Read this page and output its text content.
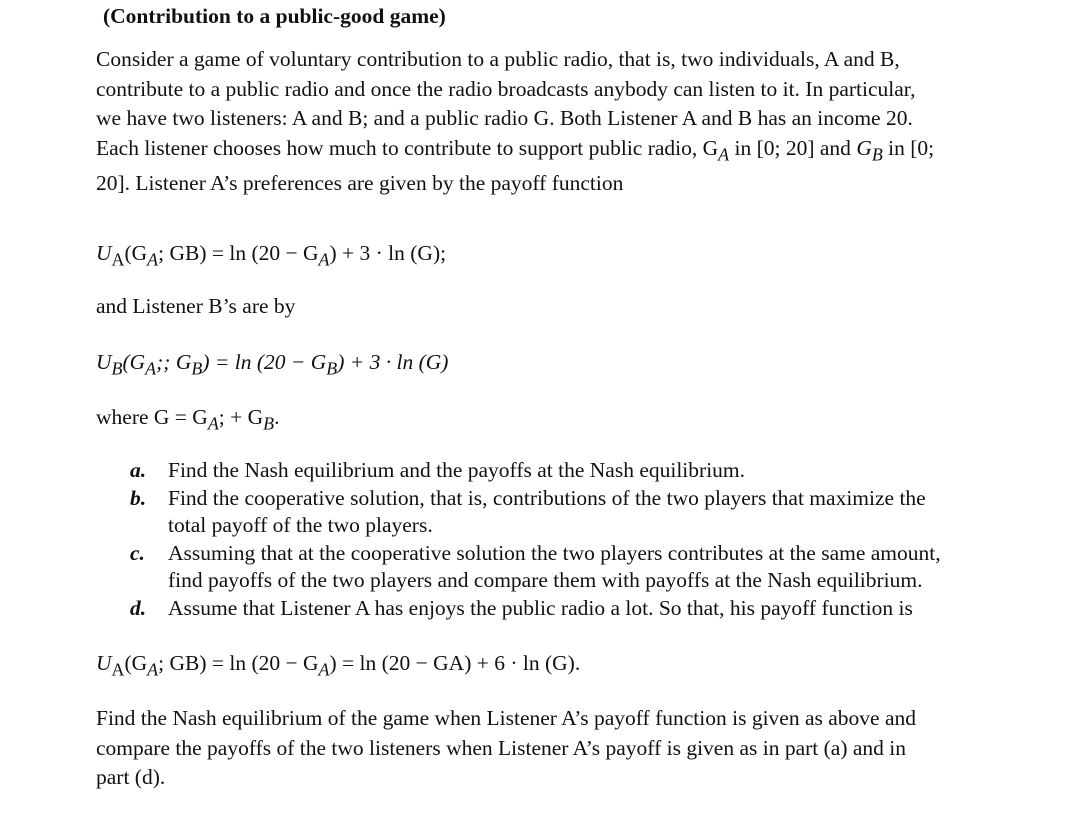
(Contribution to a public-good game)
Consider a game of voluntary contribution to a public radio, that is, two individuals, A and B,
contribute to a public radio and once the radio broadcasts anybody can listen to it. In particular,
we have two listeners: A and B; and a public radio G. Both Listener A and B has an income 20.
Each listener chooses how much to contribute to support public radio, $G_A$ in [0; 20] and $G_B$ in [0;
20]. Listener A’s preferences are given by the payoff function
$U_A(G_A$; $GB) = \ln (20 - G_A) + 3 \cdot \ln (G)$;
and Listener B’s are by
$U_B(G_A$;; $G_B) = \ln (20 - G_B) + 3 \cdot \ln (G)$
where $G = G_A$; + $G_B$.
a.	Find the Nash equilibrium and the payoffs at the Nash equilibrium.
b.	Find the cooperative solution, that is, contributions of the two players that maximize the
total payoff of the two players.
c.	Assuming that at the cooperative solution the two players contributes at the same amount,
find payoffs of the two players and compare them with payoffs at the Nash equilibrium.
d.	Assume that Listener A has enjoys the public radio a lot. So that, his payoff function is
$U_A(G_A$; $GB) = \ln (20 - G_A) = \ln (20 - GA) + 6 \cdot \ln (G)$.
Find the Nash equilibrium of the game when Listener A’s payoff function is given as above and
compare the payoffs of the two listeners when Listener A’s payoff is given as in part (a) and in
part (d).
